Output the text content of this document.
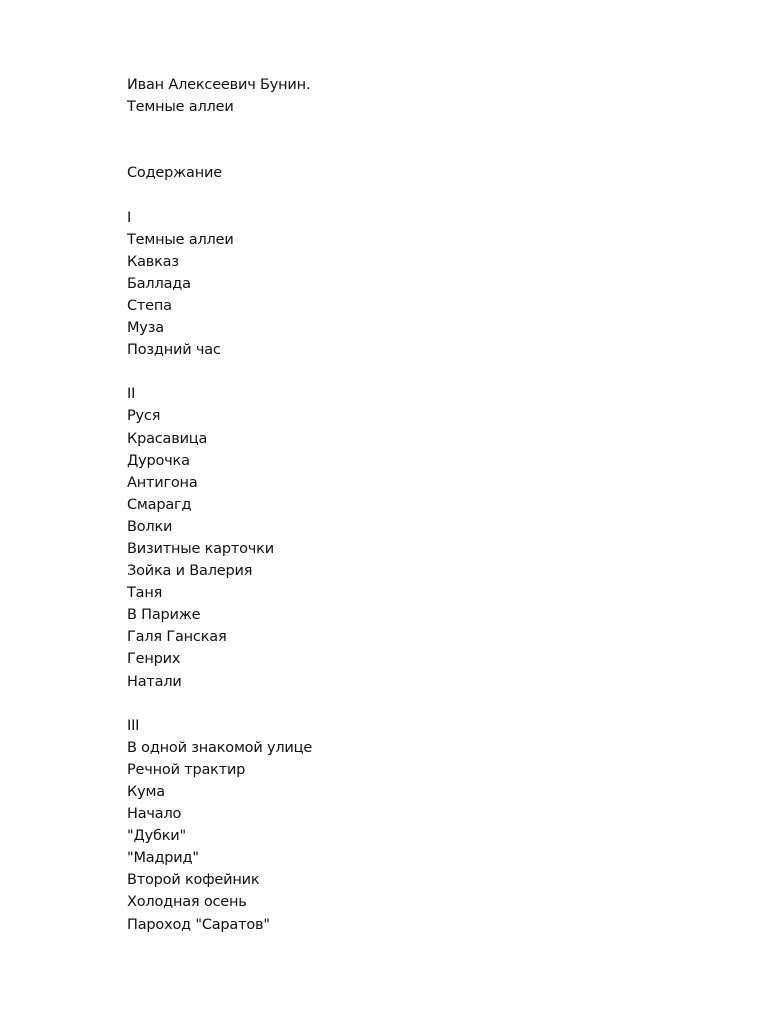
Иван Алексеевич Бунин.
Темные аллеи
Содержание
I
Темные аллеи
Кавказ
Баллада
Степа
Муза
Поздний час
II
Руся
Красавица
Дурочка
Антигона
Смарагд
Волки
Визитные карточки
Зойка и Валерия
Таня
В Париже
Галя Ганская
Генрих
Натали
III
В одной знакомой улице
Речной трактир
Кума
Начало
"Дубки"
"Мадрид"
Второй кофейник
Холодная осень
Пароход "Саратов"
